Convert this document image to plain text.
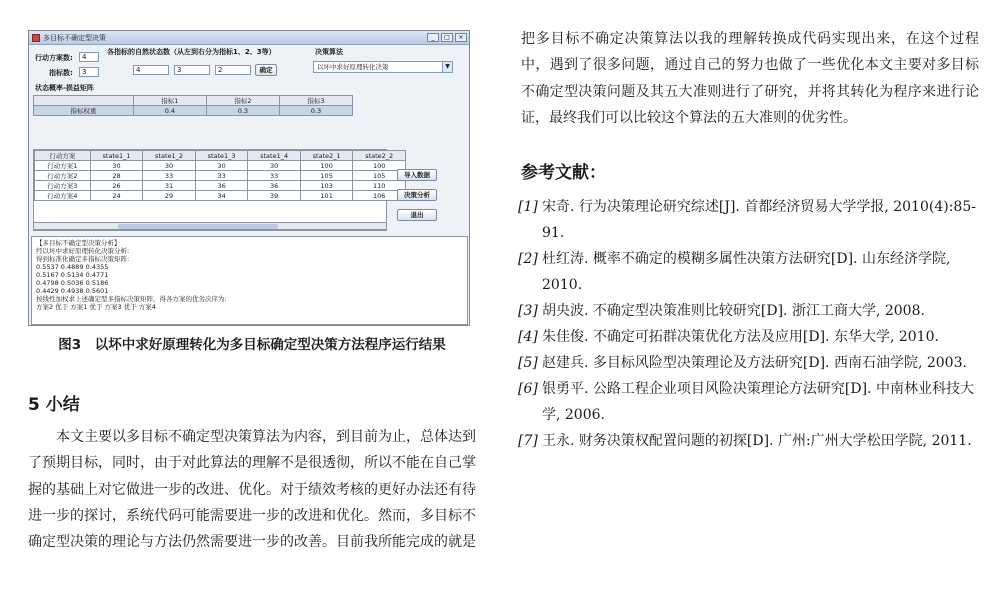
多目标不确定型决策	_	□	×
行动方案数:	4
指标数:	3
各指标的自然状态数（从左到右分为指标1、2、3等）
4	3	2	确定
决策算法
以坏中求好原理转化决策	▼
状态概率-损益矩阵
	指标1	指标2	指标3
指标权重	0.4	0.3	0.3
行动方案	state1_1	state1_2	state1_3	state1_4	state2_1	state2_2
行动方案1	30	30	30	30	100	100
行动方案2	28	33	33	33	105	105
行动方案3	26	31	36	36	103	110
行动方案4	24	29	34	39	101	106
导入数据
决策分析
退出
【多目标不确定型决策分析】
经以坏中求好原理转化决策分析:
得到标准化确定多指标决策矩阵:
0.5537 0.4889 0.4355
0.5167 0.5134 0.4771
0.4798 0.5036 0.5186
0.4429 0.4938 0.5601
按线性加权求上述确定型多指标决策矩阵，得各方案的优劣次序为:
方案2 优于 方案1 优于 方案3 优于 方案4
图3　以坏中求好原理转化为多目标确定型决策方法程序运行结果
5 小结

本文主要以多目标不确定型决策算法为内容，到目前为止，总体达到了预期目标，同时，由于对此算法的理解不是很透彻，所以不能在自己掌握的基础上对它做进一步的改进、优化。对于绩效考核的更好办法还有待进一步的探讨，系统代码可能需要进一步的改进和优化。然而，多目标不确定型决策的理论与方法仍然需要进一步的改善。目前我所能完成的就是

把多目标不确定决策算法以我的理解转换成代码实现出来，在这个过程中，遇到了很多问题，通过自己的努力也做了一些优化本文主要对多目标不确定型决策问题及其五大准则进行了研究，并将其转化为程序来进行论证，最终我们可以比较这个算法的五大准则的优劣性。

参考文献：
[1] 宋奇. 行为决策理论研究综述[J]. 首都经济贸易大学学报, 2010(4):85-91.
[2] 杜红涛. 概率不确定的模糊多属性决策方法研究[D]. 山东经济学院, 2010.
[3] 胡央波. 不确定型决策准则比较研究[D]. 浙江工商大学, 2008.
[4] 朱佳俊. 不确定可拓群决策优化方法及应用[D]. 东华大学, 2010.
[5] 赵建兵. 多目标风险型决策理论及方法研究[D]. 西南石油学院, 2003.
[6] 银勇平. 公路工程企业项目风险决策理论方法研究[D]. 中南林业科技大学, 2006.
[7] 王永. 财务决策权配置问题的初探[D]. 广州:广州大学松田学院, 2011.
